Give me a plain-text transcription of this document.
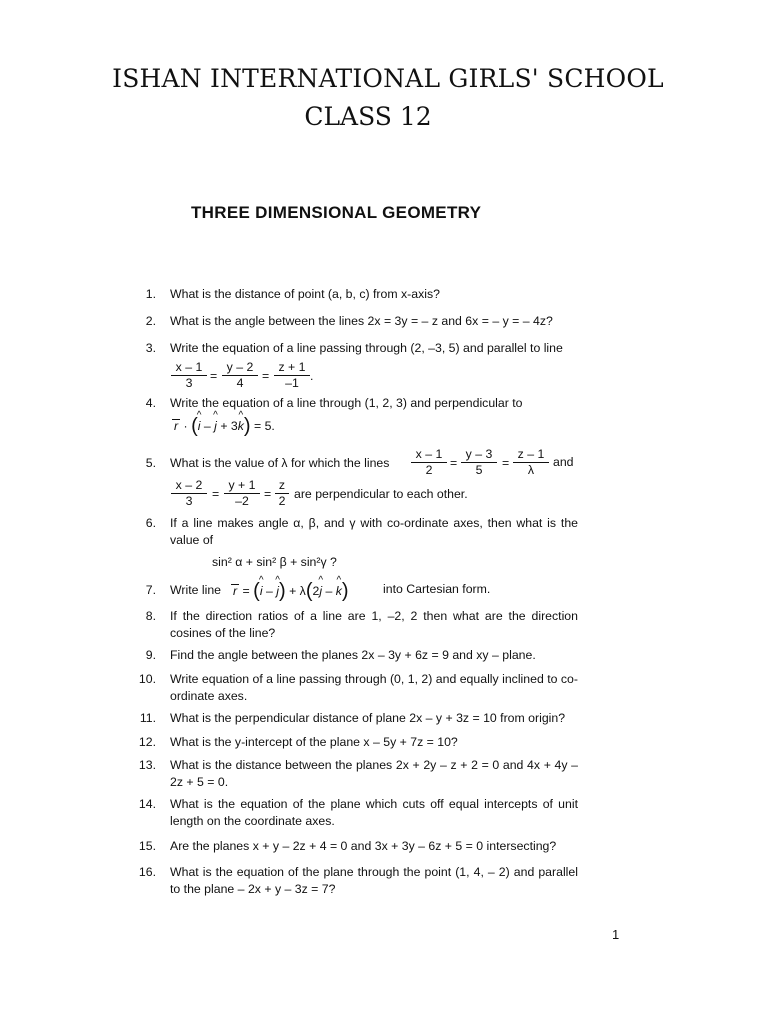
ISHAN INTERNATIONAL GIRLS' SCHOOL
CLASS 12
THREE DIMENSIONAL GEOMETRY
1. What is the distance of point (a, b, c) from x-axis?
2. What is the angle between the lines 2x = 3y = – z and 6x = – y = – 4z?
3. Write the equation of a line passing through (2, –3, 5) and parallel to line
$\frac{x - 1}{3} = \frac{y - 2}{4} = \frac{z + 1}{-1}$ .
4. Write the equation of a line through (1, 2, 3) and perpendicular to
r · (^ i – ^ j + 3^ k) = 5.
5. What is the value of λ for which the lines $\frac{x - 1}{2} = \frac{y - 3}{5} = \frac{z - 1}{\lambda}$ and
$\frac{x - 2}{3} = \frac{y + 1}{-2} = \frac{z}{2}$ are perpendicular to each other.
6. If a line makes angle α, β, and γ with co-ordinate axes, then what is the value of
sin² α + sin² β + sin²γ ?
7. Write line r = (^ i – ^ j) + λ(2^ j – ^ k)	into Cartesian form.
8. If the direction ratios of a line are 1, –2, 2 then what are the direction cosines of the line?
9. Find the angle between the planes 2x – 3y + 6z = 9 and xy – plane.
10. Write equation of a line passing through (0, 1, 2) and equally inclined to co-ordinate axes.
11. What is the perpendicular distance of plane 2x – y + 3z = 10 from origin?
12. What is the y-intercept of the plane x – 5y + 7z = 10?
13. What is the distance between the planes 2x + 2y – z + 2 = 0 and 4x + 4y – 2z + 5 = 0.
14. What is the equation of the plane which cuts off equal intercepts of unit length on the coordinate axes.
15. Are the planes x + y – 2z + 4 = 0 and 3x + 3y – 6z + 5 = 0 intersecting?
16. What is the equation of the plane through the point (1, 4, – 2) and parallel to the plane – 2x + y – 3z = 7?
1
